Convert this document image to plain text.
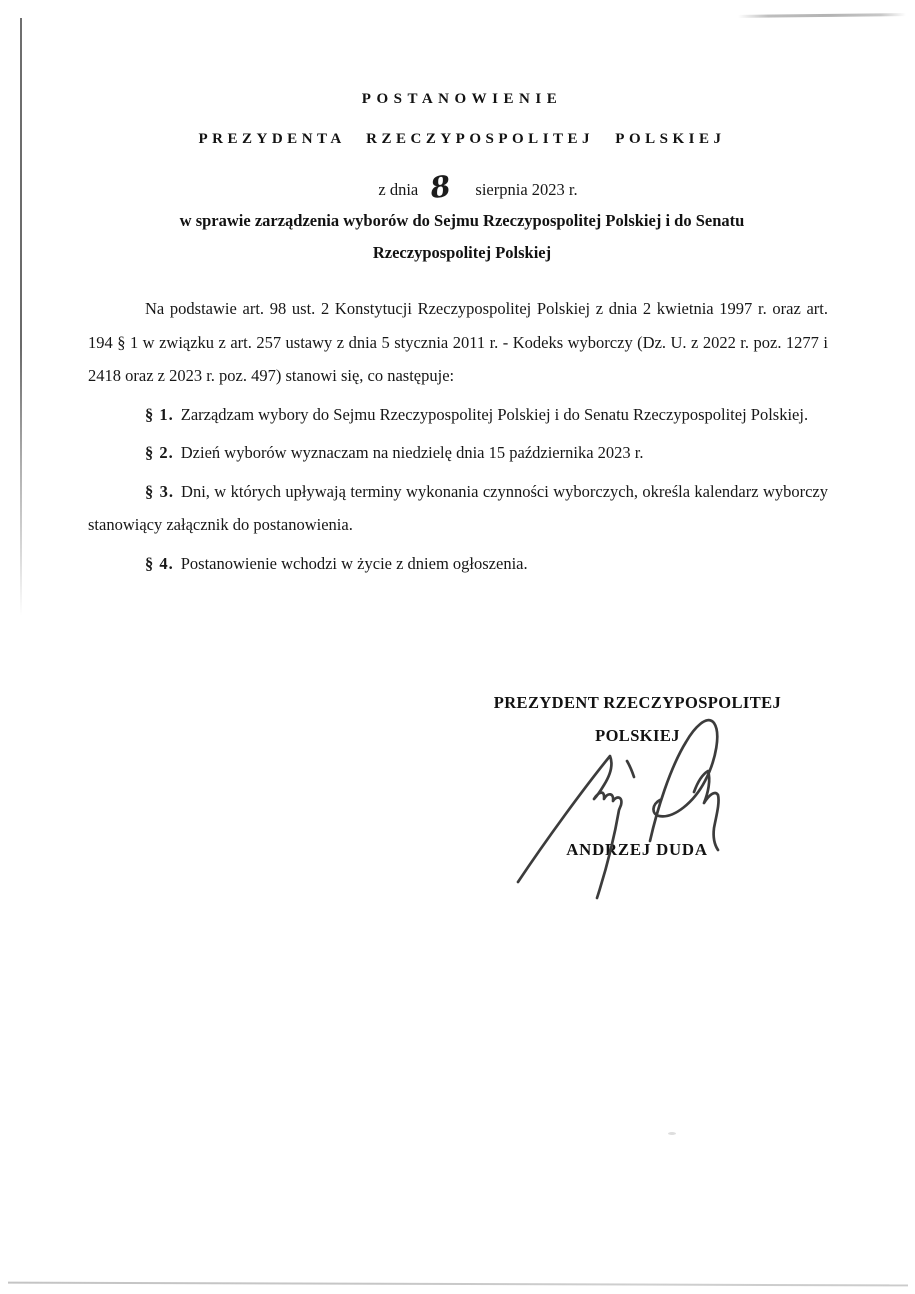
POSTANOWIENIE
PREZYDENTA RZECZYPOSPOLITEJ POLSKIEJ
z dnia 8 sierpnia 2023 r.
w sprawie zarządzenia wyborów do Sejmu Rzeczypospolitej Polskiej i do Senatu
Rzeczypospolitej Polskiej

Na podstawie art. 98 ust. 2 Konstytucji Rzeczypospolitej Polskiej z dnia 2 kwietnia 1997 r. oraz art. 194 § 1 w związku z art. 257 ustawy z dnia 5 stycznia 2011 r. - Kodeks wyborczy (Dz. U. z 2022 r. poz. 1277 i 2418 oraz z 2023 r. poz. 497) stanowi się, co następuje:

§ 1. Zarządzam wybory do Sejmu Rzeczypospolitej Polskiej i do Senatu Rzeczypospolitej Polskiej.

§ 2. Dzień wyborów wyznaczam na niedzielę dnia 15 października 2023 r.

§ 3. Dni, w których upływają terminy wykonania czynności wyborczych, określa kalendarz wyborczy stanowiący załącznik do postanowienia.

§ 4. Postanowienie wchodzi w życie z dniem ogłoszenia.

PREZYDENT RZECZYPOSPOLITEJ
POLSKIEJ
ANDRZEJ DUDA
